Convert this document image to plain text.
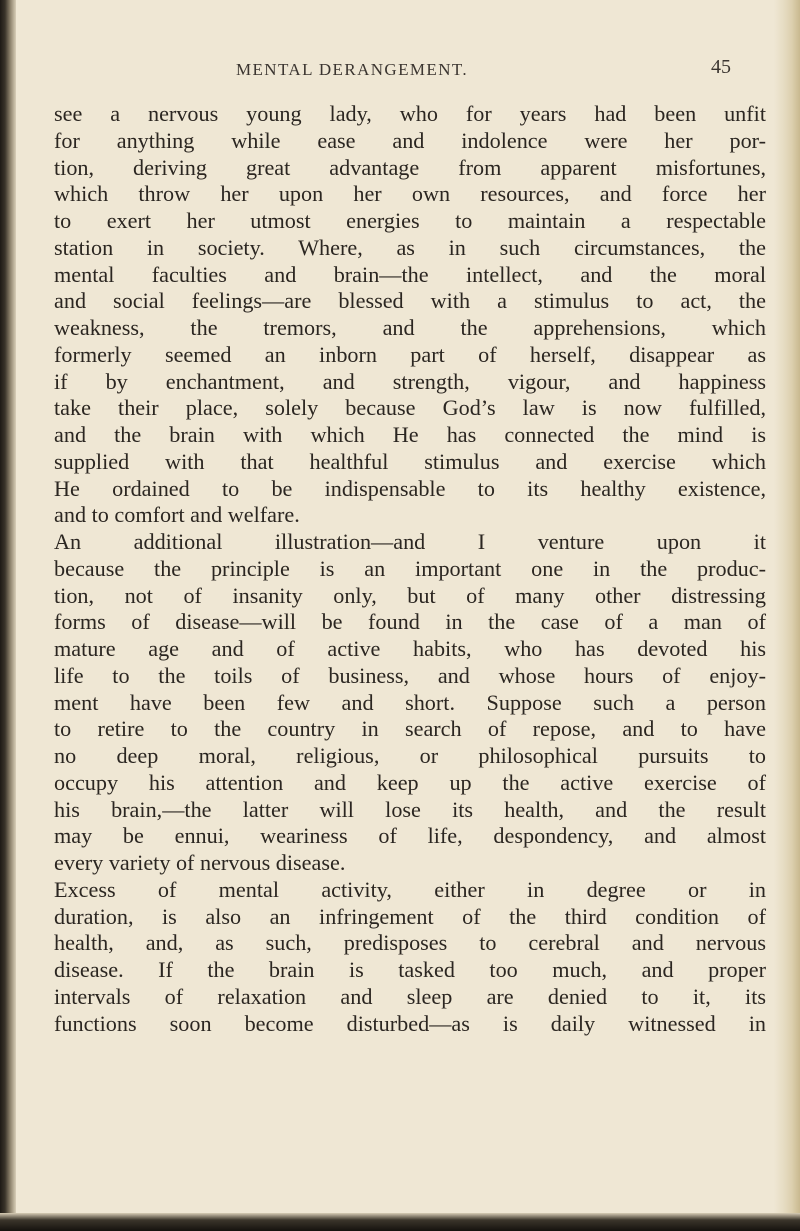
MENTAL DERANGEMENT.	45
see a nervous young lady, who for years had been unfit
for anything while ease and indolence were her por-
tion, deriving great advantage from apparent misfortunes,
which throw her upon her own resources, and force her
to exert her utmost energies to maintain a respectable
station in society. Where, as in such circumstances, the
mental faculties and brain—the intellect, and the moral
and social feelings—are blessed with a stimulus to act, the
weakness, the tremors, and the apprehensions, which
formerly seemed an inborn part of herself, disappear as
if by enchantment, and strength, vigour, and happiness
take their place, solely because God’s law is now fulfilled,
and the brain with which He has connected the mind is
supplied with that healthful stimulus and exercise which
He ordained to be indispensable to its healthy existence,
and to comfort and welfare.
An additional illustration—and I venture upon it
because the principle is an important one in the produc-
tion, not of insanity only, but of many other distressing
forms of disease—will be found in the case of a man of
mature age and of active habits, who has devoted his
life to the toils of business, and whose hours of enjoy-
ment have been few and short. Suppose such a person
to retire to the country in search of repose, and to have
no deep moral, religious, or philosophical pursuits to
occupy his attention and keep up the active exercise of
his brain,—the latter will lose its health, and the result
may be ennui, weariness of life, despondency, and almost
every variety of nervous disease.
Excess of mental activity, either in degree or in
duration, is also an infringement of the third condition of
health, and, as such, predisposes to cerebral and nervous
disease. If the brain is tasked too much, and proper
intervals of relaxation and sleep are denied to it, its
functions soon become disturbed—as is daily witnessed in
